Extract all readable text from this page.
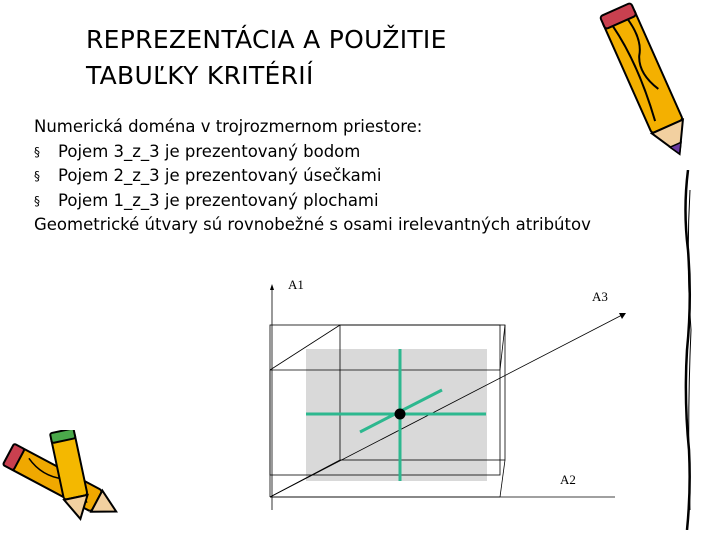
REPREZENTÁCIA A POUŽITIE
TABUĽKY KRITÉRIÍ
Numerická doména v trojrozmernom priestore:
§ Pojem 3_z_3 je prezentovaný bodom
§ Pojem 2_z_3 je prezentovaný úsečkami
§ Pojem 1_z_3 je prezentovaný plochami
Geometrické útvary sú rovnobežné s osami irelevantných atribútov
A1
A2
A3
